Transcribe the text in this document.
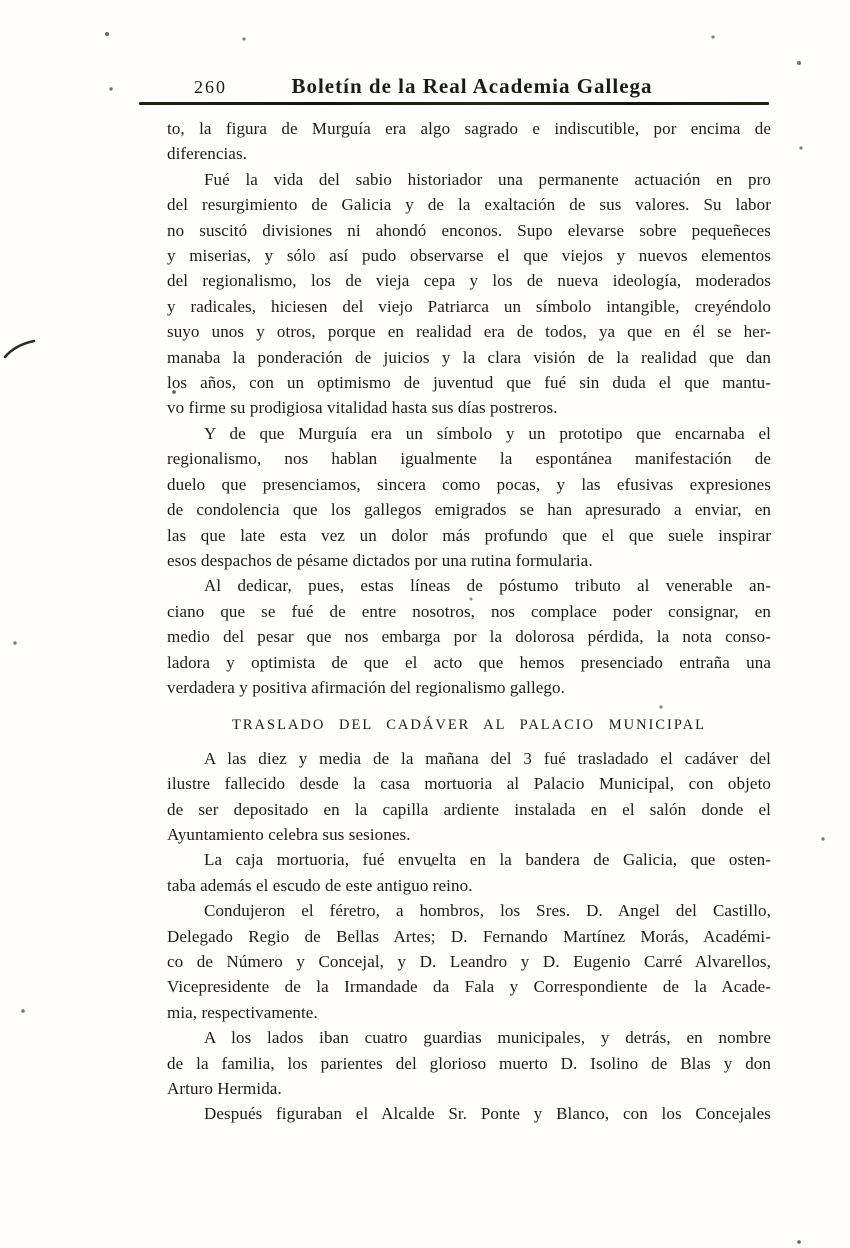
260	Boletín de la Real Academia Gallega
to, la figura de Murguía era algo sagrado e indiscutible, por encima de
diferencias.
Fué la vida del sabio historiador una permanente actuación en pro
del resurgimiento de Galicia y de la exaltación de sus valores. Su labor
no suscitó divisiones ni ahondó enconos. Supo elevarse sobre pequeñeces
y miserias, y sólo así pudo observarse el que viejos y nuevos elementos
del regionalismo, los de vieja cepa y los de nueva ideología, moderados
y radicales, hiciesen del viejo Patriarca un símbolo intangible, creyéndolo
suyo unos y otros, porque en realidad era de todos, ya que en él se her-
manaba la ponderación de juicios y la clara visión de la realidad que dan
los años, con un optimismo de juventud que fué sin duda el que mantu-
vo firme su prodigiosa vitalidad hasta sus días postreros.
Y de que Murguía era un símbolo y un prototipo que encarnaba el
regionalismo, nos hablan igualmente la espontánea manifestación de
duelo que presenciamos, sincera como pocas, y las efusivas expresiones
de condolencia que los gallegos emigrados se han apresurado a enviar, en
las que late esta vez un dolor más profundo que el que suele inspirar
esos despachos de pésame dictados por una rutina formularia.
Al dedicar, pues, estas líneas de póstumo tributo al venerable an-
ciano que se fué de entre nosotros, nos complace poder consignar, en
medio del pesar que nos embarga por la dolorosa pérdida, la nota conso-
ladora y optimista de que el acto que hemos presenciado entraña una
verdadera y positiva afirmación del regionalismo gallego.
TRASLADO DEL CADÁVER AL PALACIO MUNICIPAL
A las diez y media de la mañana del 3 fué trasladado el cadáver del
ilustre fallecido desde la casa mortuoria al Palacio Municipal, con objeto
de ser depositado en la capilla ardiente instalada en el salón donde el
Ayuntamiento celebra sus sesiones.
La caja mortuoria, fué envuelta en la bandera de Galicia, que osten-
taba además el escudo de este antiguo reino.
Condujeron el féretro, a hombros, los Sres. D. Angel del Castillo,
Delegado Regio de Bellas Artes; D. Fernando Martínez Morás, Académi-
co de Número y Concejal, y D. Leandro y D. Eugenio Carré Alvarellos,
Vicepresidente de la Irmandade da Fala y Correspondiente de la Acade-
mia, respectivamente.
A los lados iban cuatro guardias municipales, y detrás, en nombre
de la familia, los parientes del glorioso muerto D. Isolino de Blas y don
Arturo Hermida.
Después figuraban el Alcalde Sr. Ponte y Blanco, con los Concejales
